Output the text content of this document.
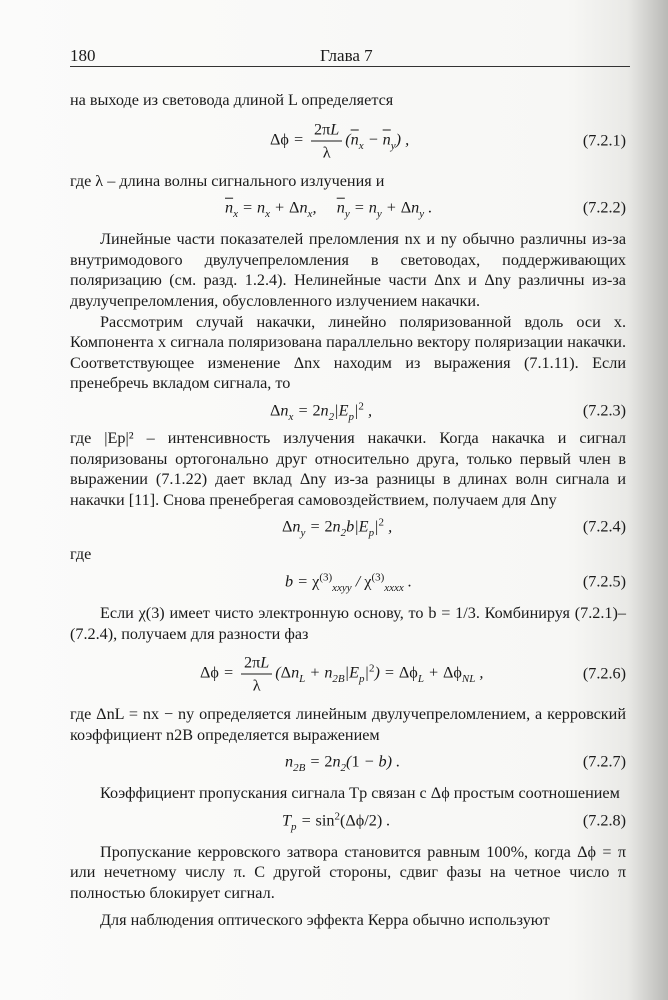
180	Глава 7

на выходе из световода длиной L определяется

$\Delta\phi = \frac{2\pi L}{\lambda} (\overline{n}_x - \overline{n}_y)$ ,	(7.2.1)

где λ – длина волны сигнального излучения и

$\overline{n}_x = n_x + \Delta n_x$,     $\overline{n}_y = n_y + \Delta n_y$ .	(7.2.2)

Линейные части показателей преломления nx и ny обычно различны из-за внутримодового двулучепреломления в световодах, поддерживающих поляризацию (см. разд. 1.2.4). Нелинейные части Δnx и Δny различны из-за двулучепреломления, обусловленного излучением накачки.

Рассмотрим случай накачки, линейно поляризованной вдоль оси x. Компонента x сигнала поляризована параллельно вектору поляризации накачки. Соответствующее изменение Δnx находим из выражения (7.1.11). Если пренебречь вкладом сигнала, то

$\Delta n_x = 2n_2|E_p|^2$ ,	(7.2.3)

где |Ep|² – интенсивность излучения накачки. Когда накачка и сигнал поляризованы ортогонально друг относительно друга, только первый член в выражении (7.1.22) дает вклад Δny из-за разницы в длинах волн сигнала и накачки [11]. Снова пренебрегая самовоздействием, получаем для Δny

$\Delta n_y = 2n_2b|E_p|^2$ ,	(7.2.4)

где

$b = \chi^{(3)}_{xxyy} / \chi^{(3)}_{xxxx}$ .	(7.2.5)

Если χ(3) имеет чисто электронную основу, то b = 1/3. Комбинируя (7.2.1)–(7.2.4), получаем для разности фаз

$\Delta\phi = \frac{2\pi L}{\lambda} (\Delta n_L + n_{2B}|E_p|^2) = \Delta\phi_L + \Delta\phi_{NL}$ ,	(7.2.6)

где ΔnL = nx − ny определяется линейным двулучепреломлением, а керровский коэффициент n2B определяется выражением

$n_{2B} = 2n_2(1 - b)$ .	(7.2.7)

Коэффициент пропускания сигнала Tp связан с Δϕ простым соотношением

$T_p = \sin^2(\Delta\phi/2)$ .	(7.2.8)

Пропускание керровского затвора становится равным 100%, когда Δϕ = π или нечетному числу π. С другой стороны, сдвиг фазы на четное число π полностью блокирует сигнал.

Для наблюдения оптического эффекта Керра обычно используют
